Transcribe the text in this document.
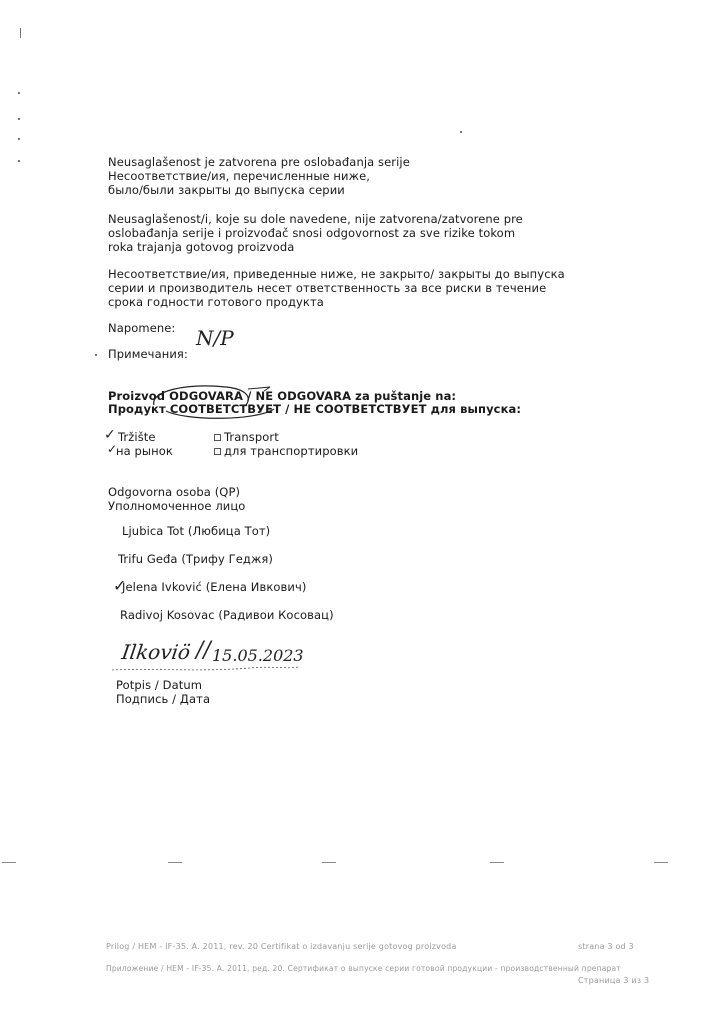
Neusaglašenost je zatvorena pre oslobađanja serije
Несоответствие/ия, перечисленные ниже,
было/были закрыты до выпуска серии
Neusaglašenost/i, koje su dole navedene, nije zatvorena/zatvorene pre
oslobađanja serije i proizvođač snosi odgovornost za sve rizike tokom
roka trajanja gotovog proizvoda
Несоответствие/ия, приведенные ниже, не закрыто/ закрыты до выпуска
серии и производитель несет ответственность за все риски в течение
срока годности готового продукта
Napomene: N/P
Примечания:
Proizvod ODGOVARA / NE ODGOVARA za puštanje na:
Продукт СООТВЕТСТВУЕТ / НЕ СООТВЕТСТВУЕТ для выпуска:
✓ Tržište
✓
на рынок
Transport
для транспортировки
Odgovorna osoba (QP)
Уполномоченное лицо
Ljubica Tot (Любица Тот)
Trifu Geđa (Трифу Геджя)
✓
Jelena Ivković (Елена Ивкович)
Radivoj Kosovac (Радивои Косовац)
Ilkoviö // 15.05.2023
Potpis / Datum
Подпись / Дата
Prilog / HEM - IF-35. A. 2011, rev. 20 Certifikat o izdavanju serije gotovog proizvoda	strana 3 od 3
Приложение / НЕМ - IF-35. A. 2011, ред. 20. Сертификат о выпуске серии готовой продукции - производственный препарат
Страница 3 из 3
